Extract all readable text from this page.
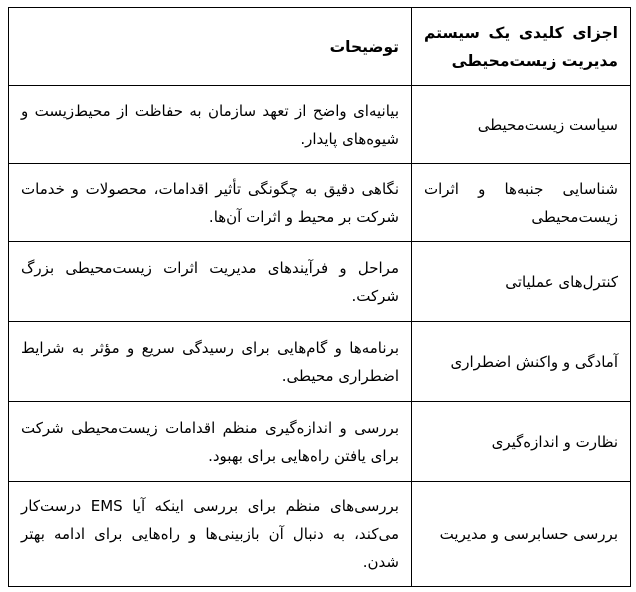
اجزای کلیدی یک سیستم مدیریت زیست‌محیطی	توضیحات
سیاست زیست‌محیطی	بیانیه‌ای واضح از تعهد سازمان به حفاظت از محیط‌زیست و شیوه‌های پایدار.
شناسایی جنبه‌ها و اثرات زیست‌محیطی	نگاهی دقیق به چگونگی تأثیر اقدامات، محصولات و خدمات شرکت بر محیط و اثرات آن‌ها.
کنترل‌های عملیاتی	مراحل و فرآیندهای مدیریت اثرات زیست‌محیطی بزرگ شرکت.
آمادگی و واکنش اضطراری	برنامه‌ها و گام‌هایی برای رسیدگی سریع و مؤثر به شرایط اضطراری محیطی.
نظارت و اندازه‌گیری	بررسی و اندازه‌گیری منظم اقدامات زیست‌محیطی شرکت برای یافتن راه‌هایی برای بهبود.
بررسی حسابرسی و مدیریت	بررسی‌های منظم برای بررسی اینکه آیا EMS درست‌کار می‌کند، به دنبال آن بازبینی‌ها و راه‌هایی برای ادامه بهتر شدن.
